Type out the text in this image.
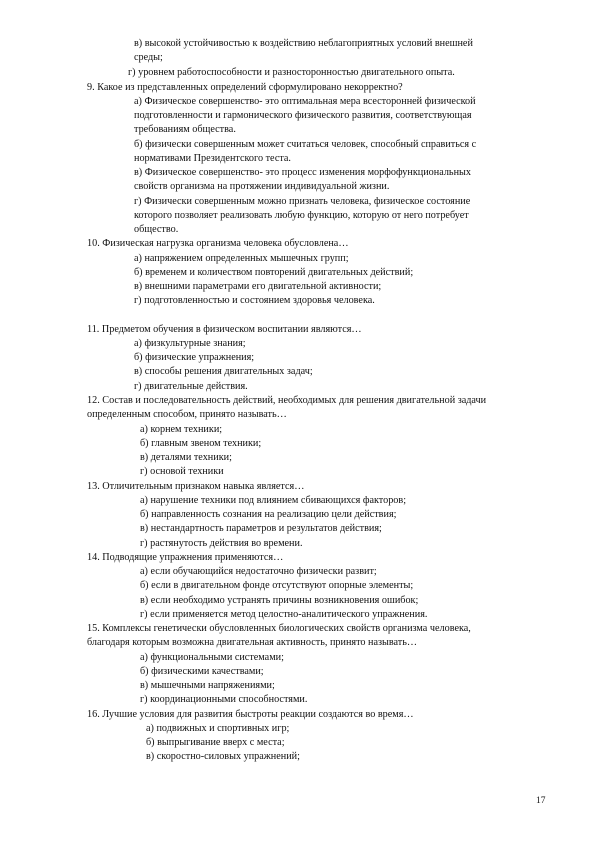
в) высокой устойчивостью к воздействию неблагоприятных условий внешней
среды;
г) уровнем работоспособности и разносторонностью двигательного опыта.
9. Какое из представленных определений сформулировано некорректно?
а) Физическое совершенство- это оптимальная мера всесторонней физической
подготовленности и гармонического физического развития, соответствующая
требованиям общества.
б) физически совершенным может считаться человек, способный справиться с
нормативами Президентского теста.
в) Физическое совершенство- это процесс изменения морфофункциональных
свойств организма на протяжении индивидуальной жизни.
г) Физически совершенным можно признать человека, физическое состояние
которого позволяет реализовать любую функцию, которую от него потребует
общество.
10. Физическая нагрузка организма человека обусловлена…
а) напряжением определенных мышечных групп;
б) временем и количеством повторений двигательных действий;
в) внешними параметрами его двигательной активности;
г) подготовленностью и состоянием здоровья человека.
11. Предметом обучения в физическом воспитании являются…
а) физкультурные знания;
б) физические упражнения;
в) способы решения двигательных задач;
г) двигательные действия.
12. Состав и последовательность действий, необходимых для решения двигательной задачи
определенным способом, принято называть…
а) корнем техники;
б) главным звеном техники;
в) деталями техники;
г) основой техники
13. Отличительным признаком навыка является…
а) нарушение техники под влиянием сбивающихся факторов;
б) направленность сознания на реализацию цели действия;
в) нестандартность параметров и результатов действия;
г) растянутость действия во времени.
14. Подводящие упражнения применяются…
а) если обучающийся недостаточно физически развит;
б) если в двигательном фонде отсутствуют опорные элементы;
в) если необходимо устранять причины возникновения ошибок;
г) если применяется метод целостно-аналитического упражнения.
15. Комплексы генетически обусловленных биологических свойств организма человека,
благодаря которым возможна двигательная активность, принято называть…
а) функциональными системами;
б) физическими качествами;
в) мышечными напряжениями;
г) координационными способностями.
16. Лучшие условия для развития быстроты реакции создаются во время…
а) подвижных и спортивных игр;
б) выпрыгивание вверх с места;
в) скоростно-силовых упражнений;
17
